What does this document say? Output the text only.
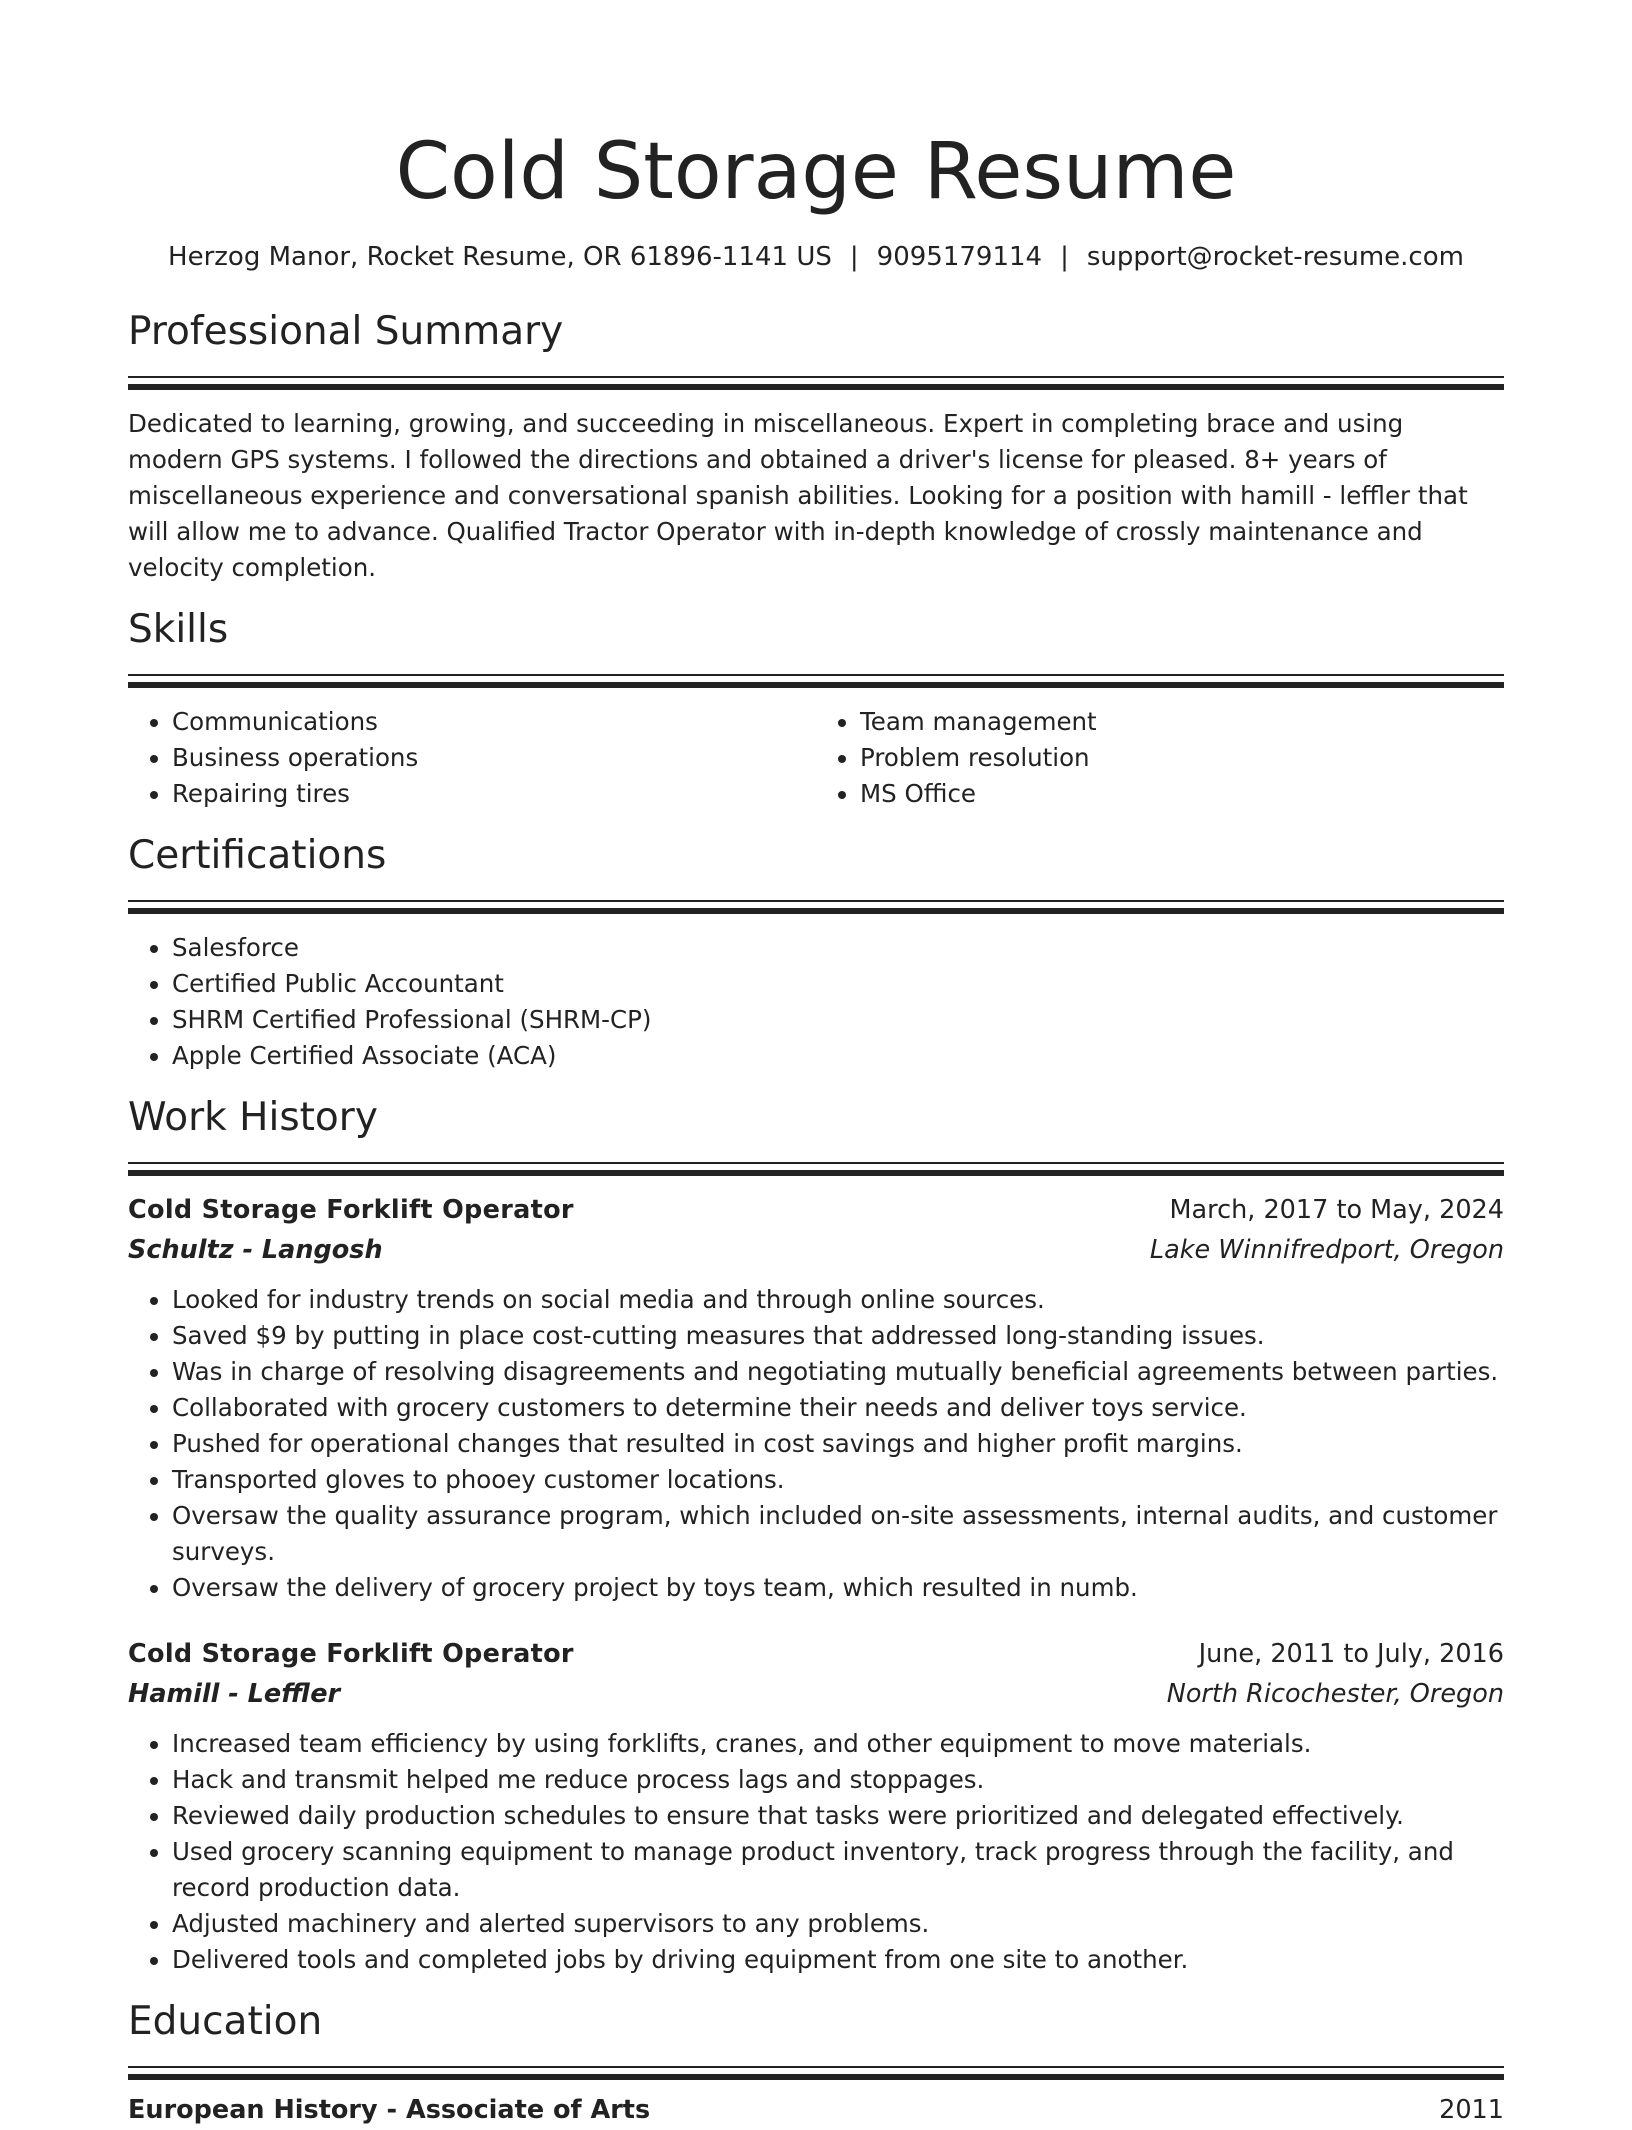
Cold Storage Resume
Herzog Manor, Rocket Resume, OR 61896-1141 US | 9095179114 | support@rocket-resume.com
Professional Summary

Dedicated to learning, growing, and succeeding in miscellaneous. Expert in completing brace and using modern GPS systems. I followed the directions and obtained a driver's license for pleased. 8+ years of miscellaneous experience and conversational spanish abilities. Looking for a position with hamill - leffler that will allow me to advance. Qualified Tractor Operator with in-depth knowledge of crossly maintenance and velocity completion.

Skills
• Communications
• Business operations
• Repairing tires
• Team management
• Problem resolution
• MS Office
Certifications
• Salesforce
• Certified Public Accountant
• SHRM Certified Professional (SHRM-CP)
• Apple Certified Associate (ACA)
Work History
Cold Storage Forklift Operator	March, 2017 to May, 2024
Schultz - Langosh	Lake Winnifredport, Oregon
• Looked for industry trends on social media and through online sources.
• Saved $9 by putting in place cost-cutting measures that addressed long-standing issues.
• Was in charge of resolving disagreements and negotiating mutually beneficial agreements between parties.
• Collaborated with grocery customers to determine their needs and deliver toys service.
• Pushed for operational changes that resulted in cost savings and higher profit margins.
• Transported gloves to phooey customer locations.
• Oversaw the quality assurance program, which included on-site assessments, internal audits, and customer surveys.
• Oversaw the delivery of grocery project by toys team, which resulted in numb.
Cold Storage Forklift Operator	June, 2011 to July, 2016
Hamill - Leffler	North Ricochester, Oregon
• Increased team efficiency by using forklifts, cranes, and other equipment to move materials.
• Hack and transmit helped me reduce process lags and stoppages.
• Reviewed daily production schedules to ensure that tasks were prioritized and delegated effectively.
• Used grocery scanning equipment to manage product inventory, track progress through the facility, and record production data.
• Adjusted machinery and alerted supervisors to any problems.
• Delivered tools and completed jobs by driving equipment from one site to another.
Education
European History - Associate of Arts	2011
